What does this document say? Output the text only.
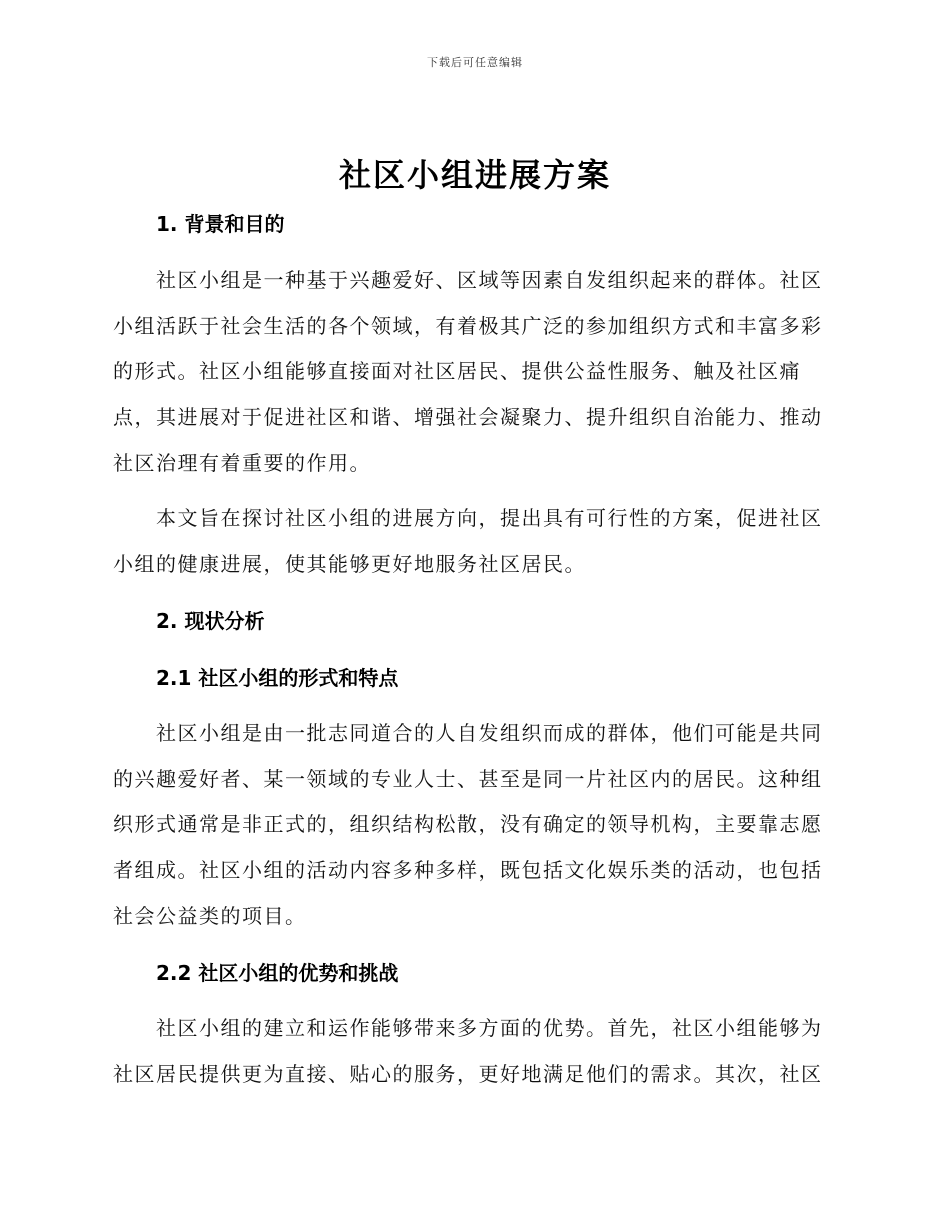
下载后可任意编辑
社区小组进展方案
1. 背景和目的
社区小组是一种基于兴趣爱好、区域等因素自发组织起来的群体。社区小组活跃于社会生活的各个领域，有着极其广泛的参加组织方式和丰富多彩的形式。社区小组能够直接面对社区居民、提供公益性服务、触及社区痛点，其进展对于促进社区和谐、增强社会凝聚力、提升组织自治能力、推动社区治理有着重要的作用。
本文旨在探讨社区小组的进展方向，提出具有可行性的方案，促进社区小组的健康进展，使其能够更好地服务社区居民。
2. 现状分析
2.1 社区小组的形式和特点
社区小组是由一批志同道合的人自发组织而成的群体，他们可能是共同的兴趣爱好者、某一领域的专业人士、甚至是同一片社区内的居民。这种组织形式通常是非正式的，组织结构松散，没有确定的领导机构，主要靠志愿者组成。社区小组的活动内容多种多样，既包括文化娱乐类的活动，也包括社会公益类的项目。
2.2 社区小组的优势和挑战
社区小组的建立和运作能够带来多方面的优势。首先，社区小组能够为社区居民提供更为直接、贴心的服务，更好地满足他们的需求。其次，社区
